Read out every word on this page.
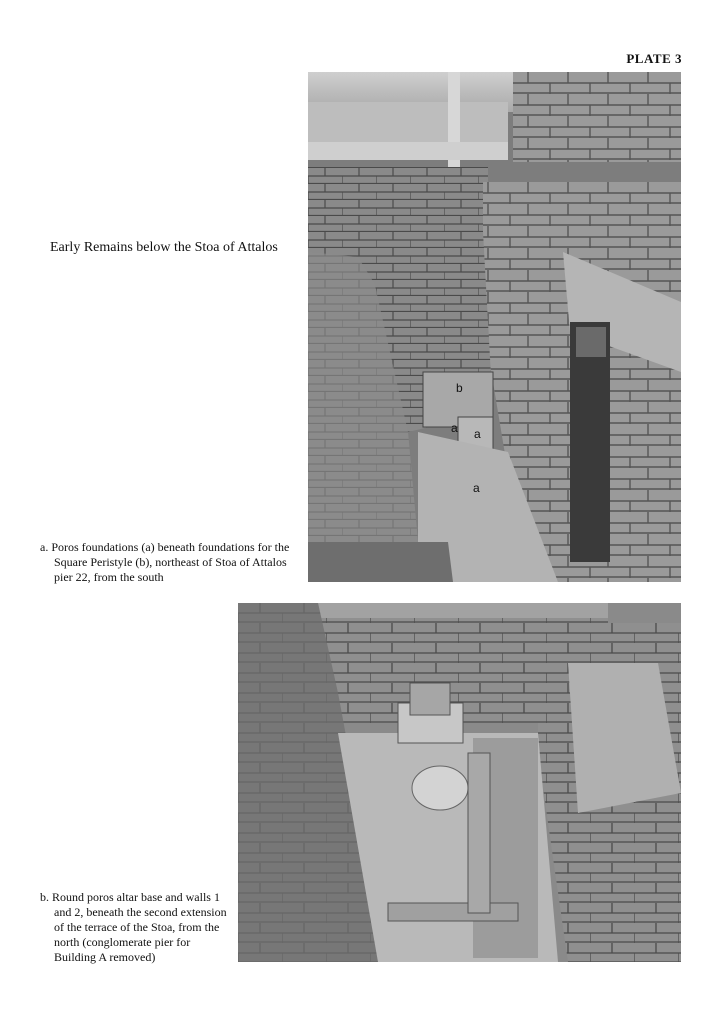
PLATE 3
Early Remains below the Stoa of Attalos
b
a a
a
a. Poros foundations (a) beneath foundations for the Square Peristyle (b), northeast of Stoa of Attalos pier 22, from the south
b. Round poros altar base and walls 1 and 2, beneath the second extension of the terrace of the Stoa, from the north (conglomerate pier for Building A removed)
